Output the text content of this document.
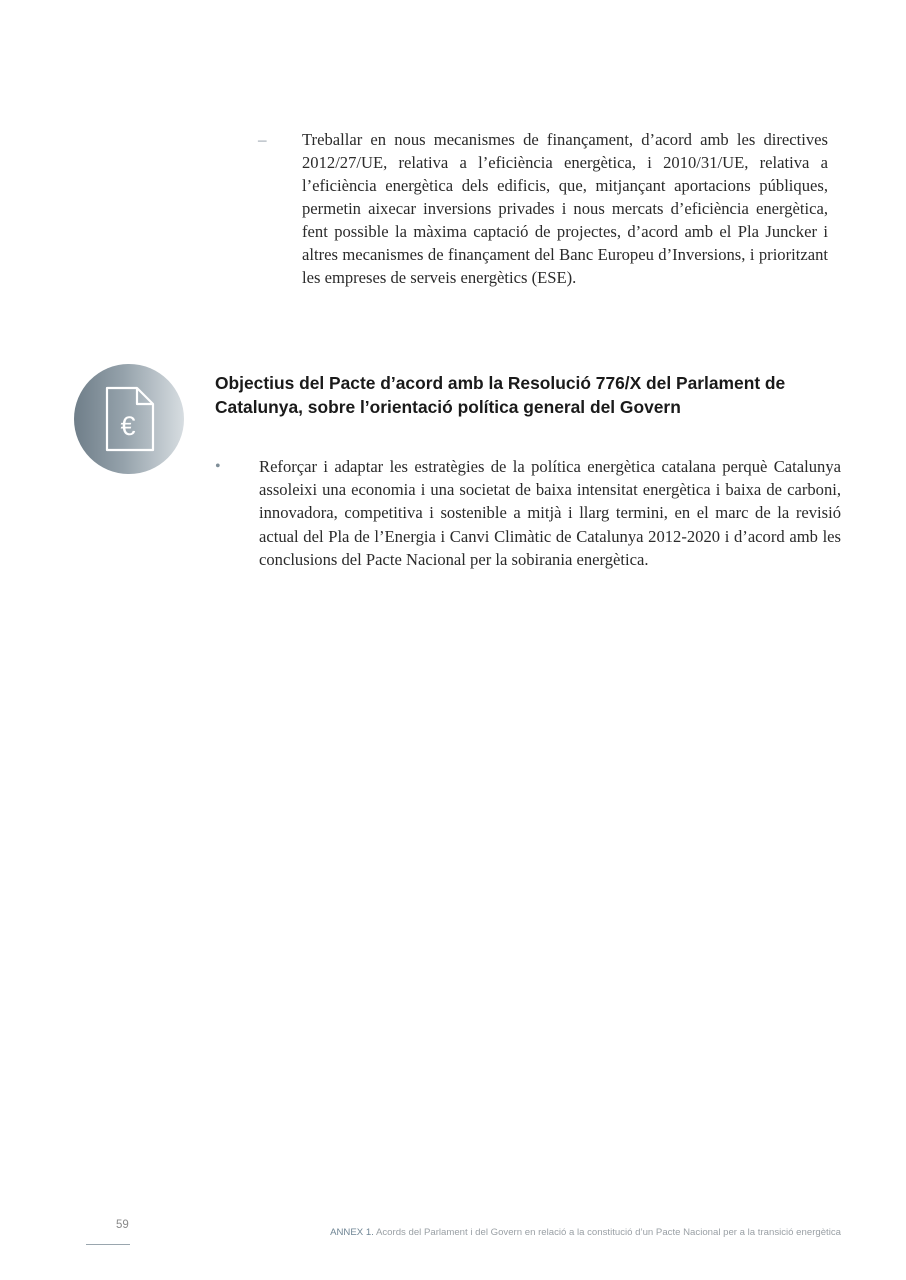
– Treballar en nous mecanismes de finançament, d’acord amb les directives 2012/27/UE, relativa a l’eficiència energètica, i 2010/31/UE, relativa a l’eficiència energètica dels edificis, que, mitjançant aportacions públiques, permetin aixecar inversions privades i nous mercats d’eficiència energètica, fent possible la màxima captació de projectes, d’acord amb el Pla Juncker i altres mecanismes de finançament del Banc Europeu d’Inversions, i prioritzant les empreses de serveis energètics (ESE).
€
Objectius del Pacte d’acord amb la Resolució 776/X del Parlament de Catalunya, sobre l’orientació política general del Govern
• Reforçar i adaptar les estratègies de la política energètica catalana perquè Catalunya assoleixi una economia i una societat de baixa intensitat energètica i baixa de carboni, innovadora, competitiva i sostenible a mitjà i llarg termini, en el marc de la revisió actual del Pla de l’Energia i Canvi Climàtic de Catalunya 2012-2020 i d’acord amb les conclusions del Pacte Nacional per la sobirania energètica.
59
ANNEX 1. Acords del Parlament i del Govern en relació a la constitució d’un Pacte Nacional per a la transició energètica
